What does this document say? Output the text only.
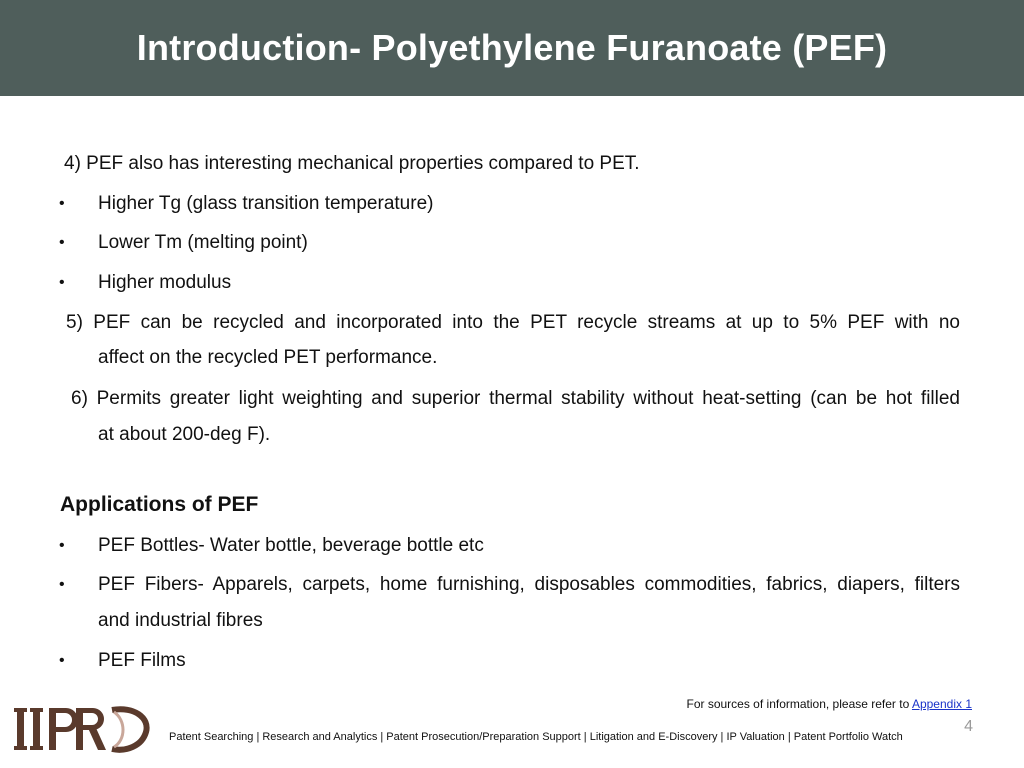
Introduction- Polyethylene Furanoate (PEF)
4) PEF also has interesting mechanical properties compared to PET.
• Higher Tg (glass transition temperature)
• Lower Tm (melting point)
• Higher modulus
5) PEF can be recycled and incorporated into the PET recycle streams at up to 5% PEF with no
affect on the recycled PET performance.
6) Permits greater light weighting and superior thermal stability without heat-setting (can be hot filled
at about 200-deg F).
Applications of PEF
• PEF Bottles- Water bottle, beverage bottle etc
• PEF Fibers- Apparels, carpets, home furnishing, disposables commodities, fabrics, diapers, filters
and industrial fibres
• PEF Films
For sources of information, please refer to Appendix 1
4
IIPRD
Patent Searching | Research and Analytics | Patent Prosecution/Preparation Support | Litigation and E-Discovery | IP Valuation | Patent Portfolio Watch
